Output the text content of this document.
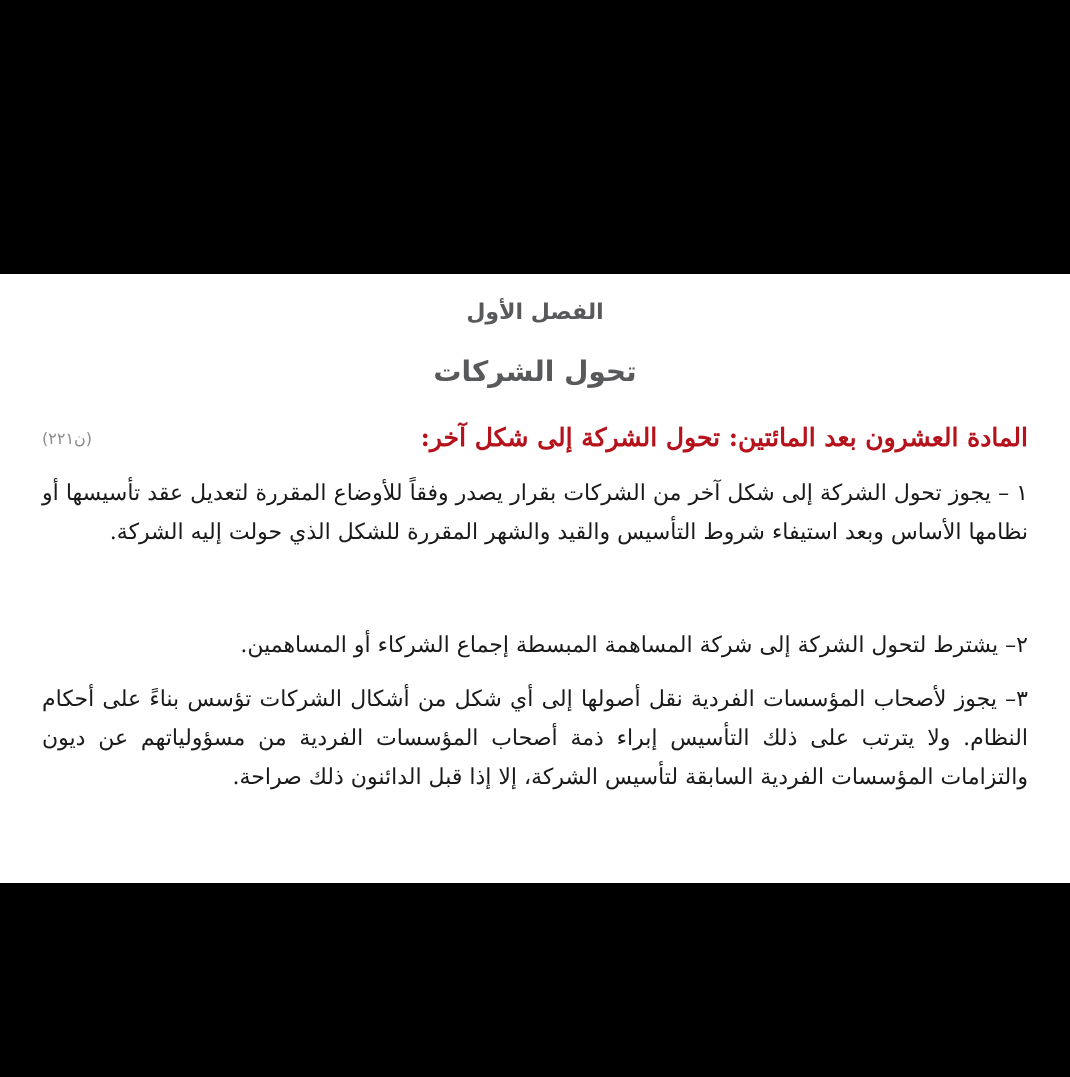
الفصل الأول
تحول الشركات
المادة العشرون بعد المائتين: تحول الشركة إلى شكل آخر:
(ن٢٢١)
١ – يجوز تحول الشركة إلى شكل آخر من الشركات بقرار يصدر وفقاً للأوضاع المقررة لتعديل عقد تأسيسها أو نظامها الأساس وبعد استيفاء شروط التأسيس والقيد والشهر المقررة للشكل الذي حولت إليه الشركة.
٢– يشترط لتحول الشركة إلى شركة المساهمة المبسطة إجماع الشركاء أو المساهمين.
٣– يجوز لأصحاب المؤسسات الفردية نقل أصولها إلى أي شكل من أشكال الشركات تؤسس بناءً على أحكام النظام. ولا يترتب على ذلك التأسيس إبراء ذمة أصحاب المؤسسات الفردية من مسؤولياتهم عن ديون والتزامات المؤسسات الفردية السابقة لتأسيس الشركة، إلا إذا قبل الدائنون ذلك صراحة.
